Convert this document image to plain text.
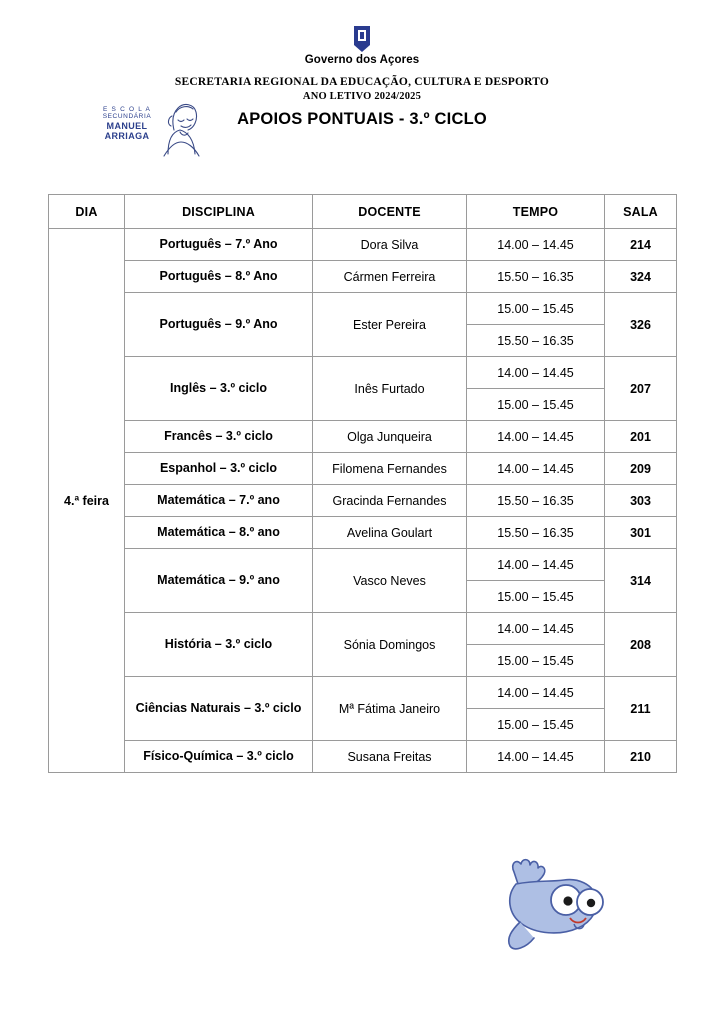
Governo dos Açores
SECRETARIA REGIONAL DA EDUCAÇÃO, CULTURA E DESPORTO
ANO LETIVO 2024/2025
APOIOS PONTUAIS - 3.º CICLO
E S C O L A
SECUNDÁRIA
MANUEL
ARRIAGA
DIA	DISCIPLINA	DOCENTE	TEMPO	SALA
4.ª feira	Português – 7.º Ano	Dora Silva	14.00 – 14.45	214
	Português – 8.º Ano	Cármen Ferreira	15.50 – 16.35	324
	Português – 9.º Ano	Ester Pereira	15.00 – 15.45	326
			15.50 – 16.35	
	Inglês – 3.º ciclo	Inês Furtado	14.00 – 14.45	207
			15.00 – 15.45	
	Francês – 3.º ciclo	Olga Junqueira	14.00 – 14.45	201
	Espanhol – 3.º ciclo	Filomena Fernandes	14.00 – 14.45	209
	Matemática – 7.º ano	Gracinda Fernandes	15.50 – 16.35	303
	Matemática – 8.º ano	Avelina Goulart	15.50 – 16.35	301
	Matemática – 9.º ano	Vasco Neves	14.00 – 14.45	314
			15.00 – 15.45	
	História – 3.º ciclo	Sónia Domingos	14.00 – 14.45	208
			15.00 – 15.45	
	Ciências Naturais – 3.º ciclo	Mª Fátima Janeiro	14.00 – 14.45	211
			15.00 – 15.45	
	Físico-Química – 3.º ciclo	Susana Freitas	14.00 – 14.45	210
